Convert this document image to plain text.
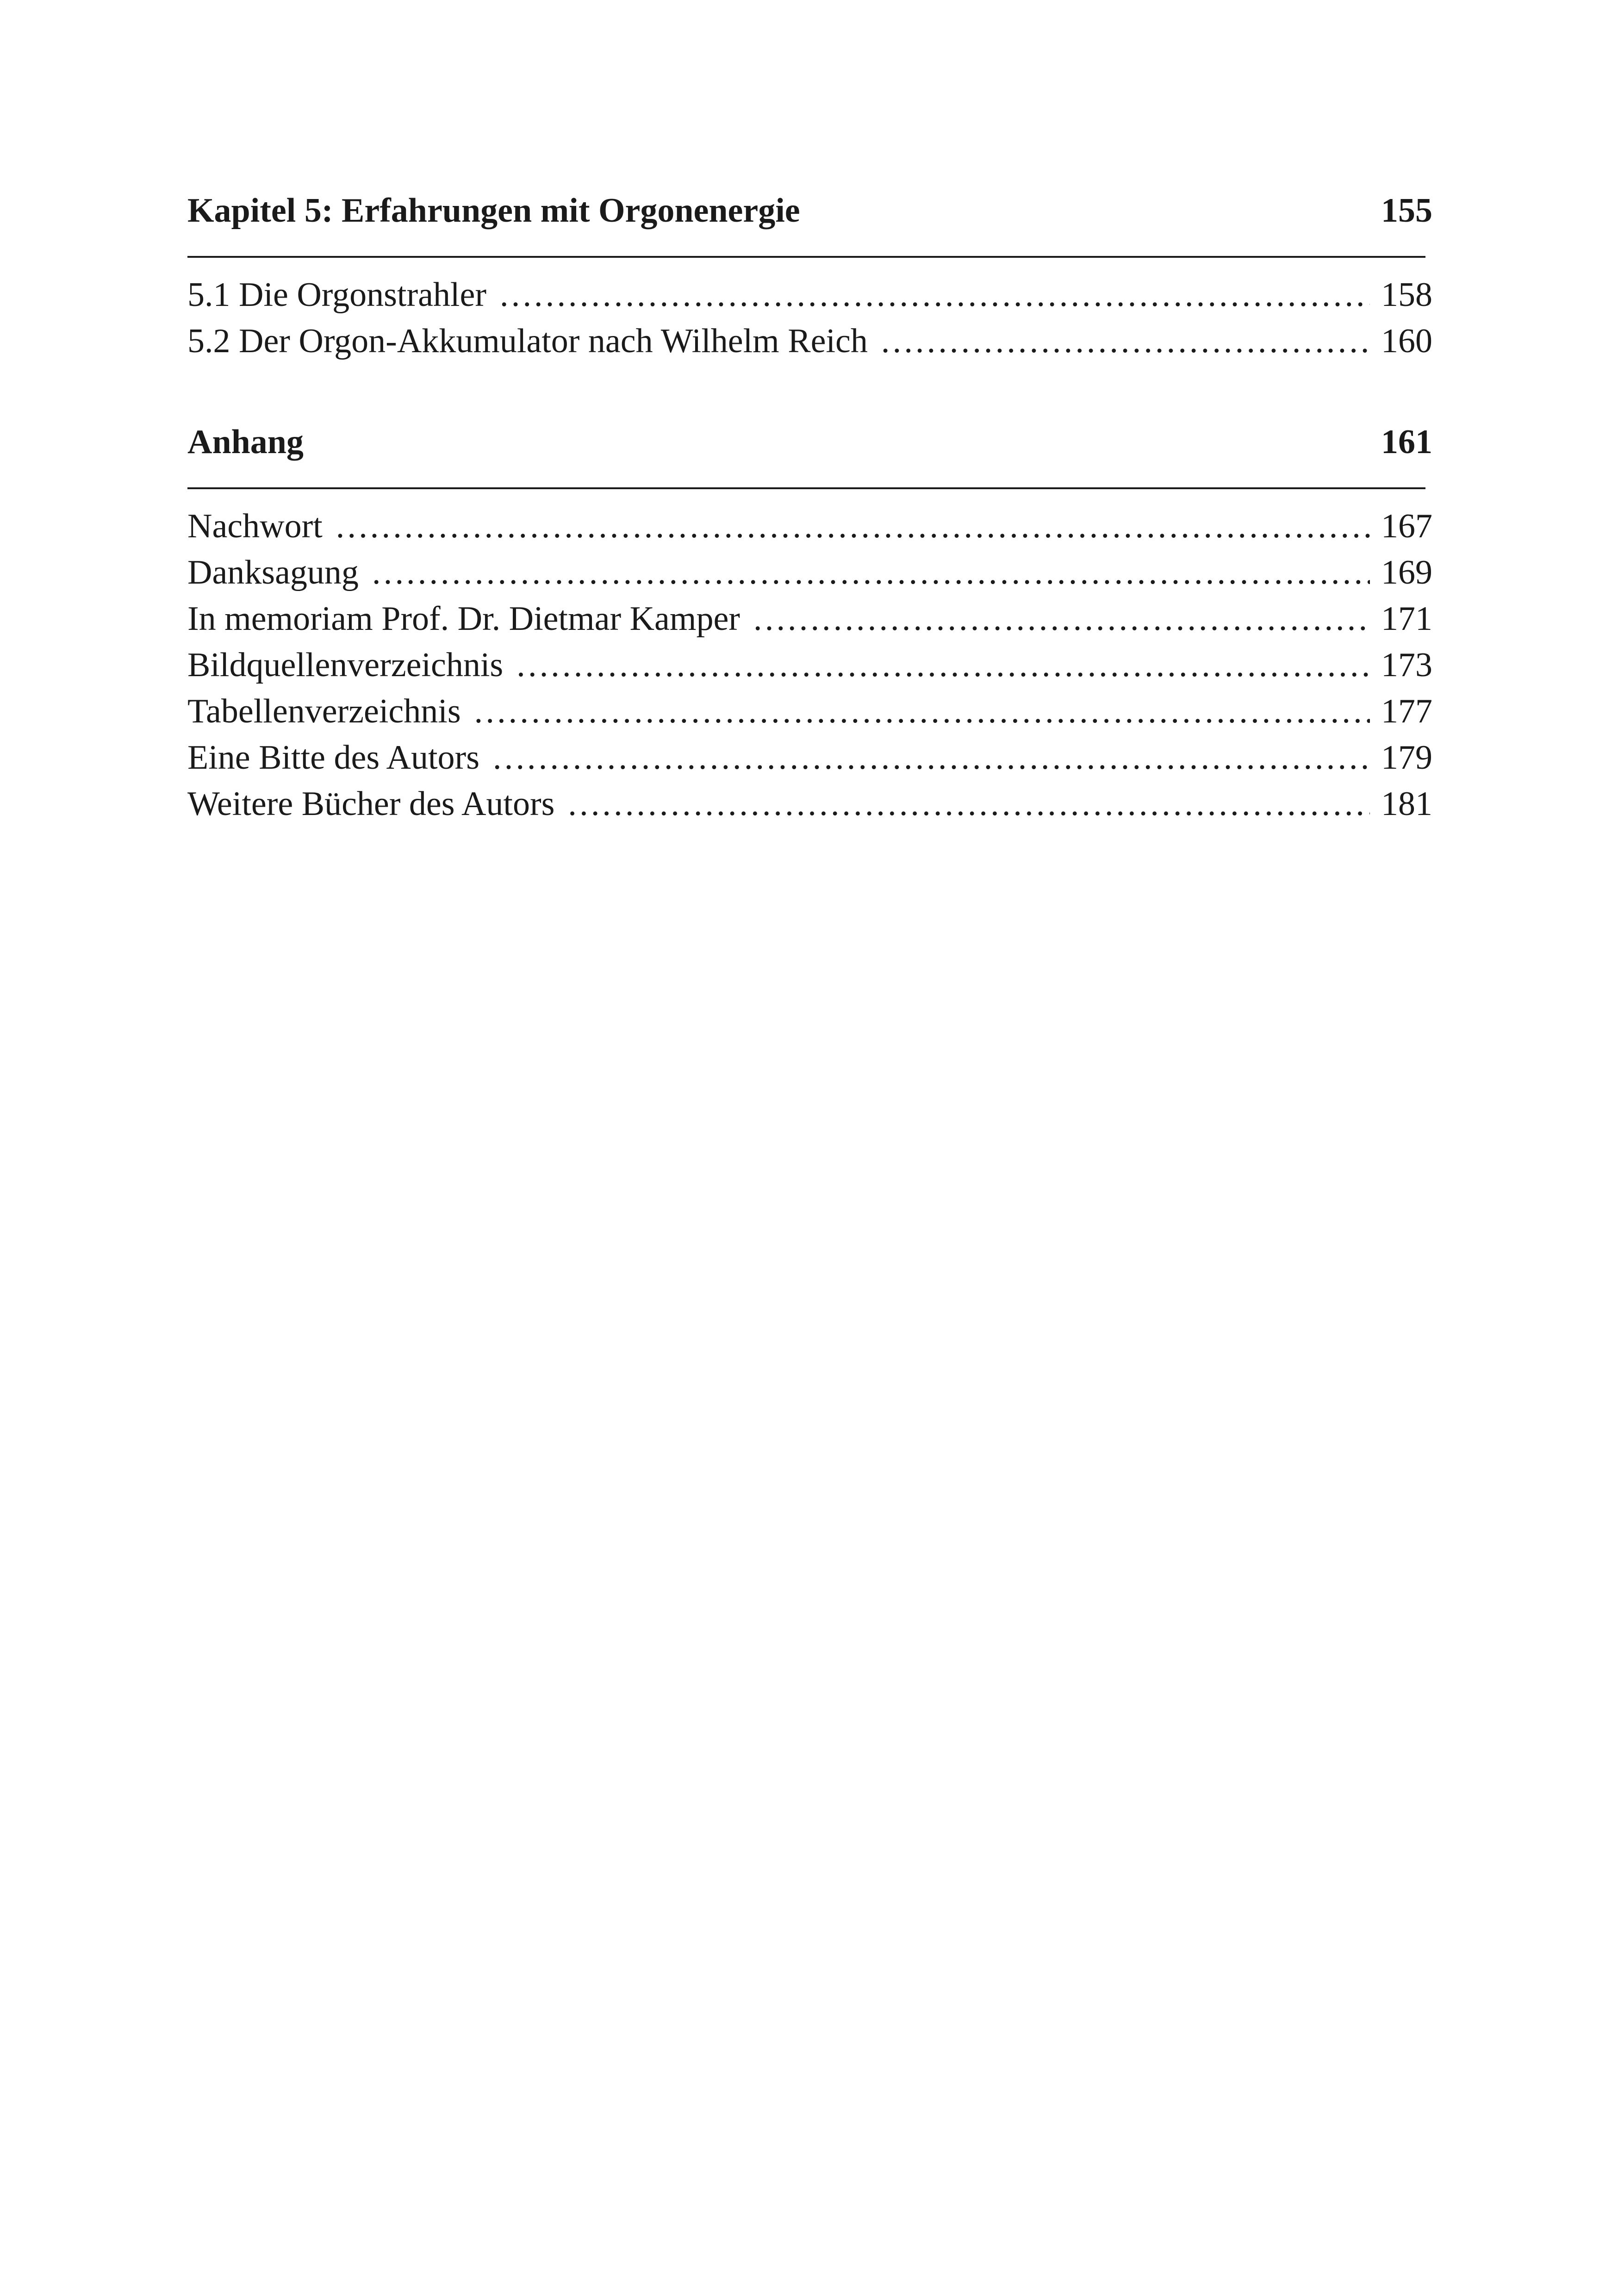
Kapitel 5: Erfahrungen mit Orgonenergie	155
5.1 Die Orgonstrahler ……………………………………………………………………………………………………………………………………………………………………………………………	158
5.2 Der Orgon-Akkumulator nach Wilhelm Reich ……………………………………………………………………………………………………………………………………………………………………………………………	160
Anhang	161
Nachwort ……………………………………………………………………………………………………………………………………………………………………………………………	167
Danksagung ……………………………………………………………………………………………………………………………………………………………………………………………	169
In memoriam Prof. Dr. Dietmar Kamper ……………………………………………………………………………………………………………………………………………………………………………………………	171
Bildquellenverzeichnis ……………………………………………………………………………………………………………………………………………………………………………………………	173
Tabellenverzeichnis ……………………………………………………………………………………………………………………………………………………………………………………………	177
Eine Bitte des Autors ……………………………………………………………………………………………………………………………………………………………………………………………	179
Weitere Bücher des Autors ……………………………………………………………………………………………………………………………………………………………………………………………	181
